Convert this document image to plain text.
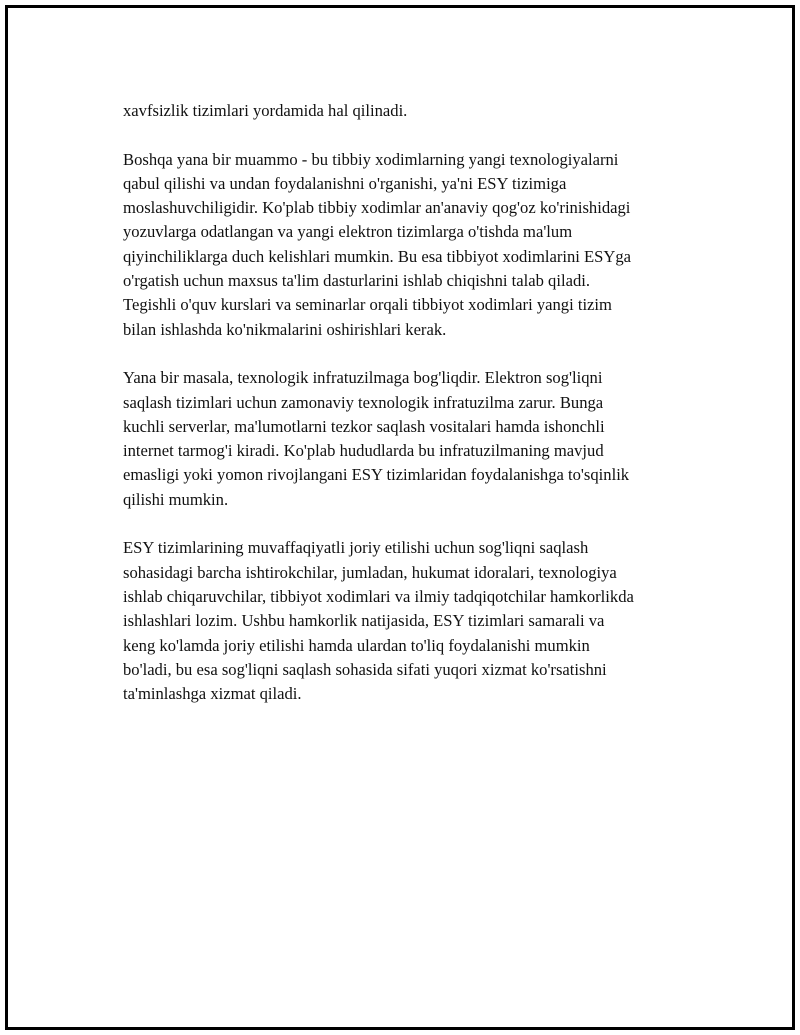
xavfsizlik tizimlari yordamida hal qilinadi.

Boshqa yana bir muammo - bu tibbiy xodimlarning yangi texnologiyalarni
qabul qilishi va undan foydalanishni o'rganishi, ya'ni ESY tizimiga
moslashuvchiligidir. Ko'plab tibbiy xodimlar an'anaviy qog'oz ko'rinishidagi
yozuvlarga odatlangan va yangi elektron tizimlarga o'tishda ma'lum
qiyinchiliklarga duch kelishlari mumkin. Bu esa tibbiyot xodimlarini ESYga
o'rgatish uchun maxsus ta'lim dasturlarini ishlab chiqishni talab qiladi.
Tegishli o'quv kurslari va seminarlar orqali tibbiyot xodimlari yangi tizim
bilan ishlashda ko'nikmalarini oshirishlari kerak.

Yana bir masala, texnologik infratuzilmaga bog'liqdir. Elektron sog'liqni
saqlash tizimlari uchun zamonaviy texnologik infratuzilma zarur. Bunga
kuchli serverlar, ma'lumotlarni tezkor saqlash vositalari hamda ishonchli
internet tarmog'i kiradi. Ko'plab hududlarda bu infratuzilmaning mavjud
emasligi yoki yomon rivojlangani ESY tizimlaridan foydalanishga to'sqinlik
qilishi mumkin.

ESY tizimlarining muvaffaqiyatli joriy etilishi uchun sog'liqni saqlash
sohasidagi barcha ishtirokchilar, jumladan, hukumat idoralari, texnologiya
ishlab chiqaruvchilar, tibbiyot xodimlari va ilmiy tadqiqotchilar hamkorlikda
ishlashlari lozim. Ushbu hamkorlik natijasida, ESY tizimlari samarali va
keng ko'lamda joriy etilishi hamda ulardan to'liq foydalanishi mumkin
bo'ladi, bu esa sog'liqni saqlash sohasida sifati yuqori xizmat ko'rsatishni
ta'minlashga xizmat qiladi.
